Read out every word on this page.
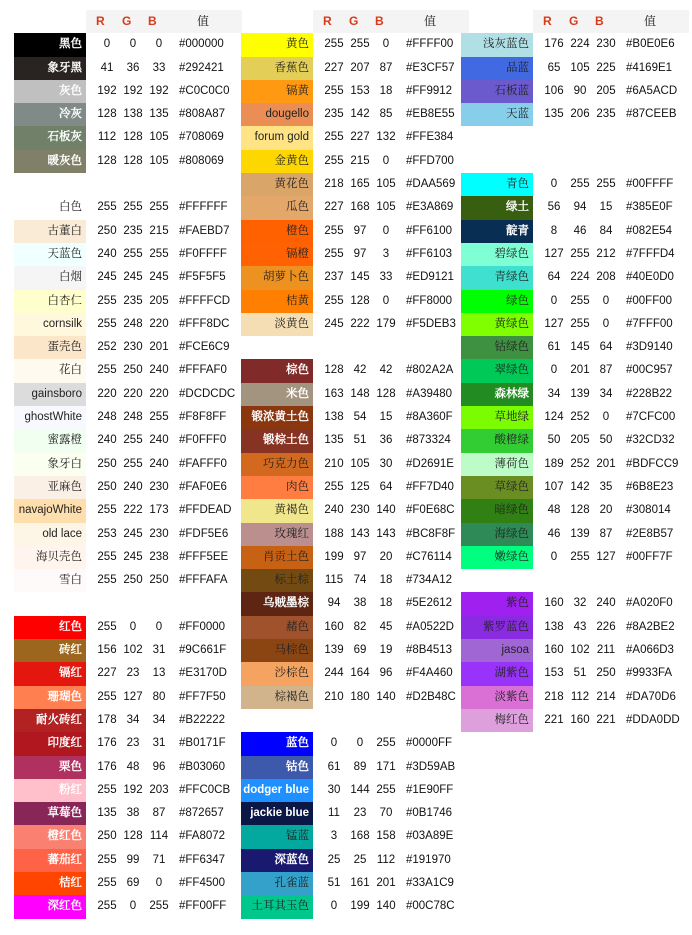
R G B	值
黑色	0	0	0	#000000
象牙黑	41	36	33	#292421
灰色	192 192 192 #C0C0C0
冷灰	128 138 135 #808A87
石板灰	112 128 105 #708069
暖灰色	128 128 105 #808069
白色	255 255 255 #FFFFFF
古董白	250 235 215 #FAEBD7
天蓝色	240 255 255 #F0FFFF
白烟	245 245 245 #F5F5F5
白杏仁	255 235 205 #FFFFCD
cornsilk	255 248 220 #FFF8DC
蛋壳色	252 230 201 #FCE6C9
花白	255 250 240 #FFFAF0
gainsboro	220 220 220 #DCDCDC
ghostWhite	248 248 255 #F8F8FF
蜜露橙	240 255 240 #F0FFF0
象牙白	250 255 240 #FAFFF0
亚麻色	250 240 230 #FAF0E6
navajoWhite	255 222 173 #FFDEAD
old lace	253 245 230 #FDF5E6
海贝壳色	255 245 238 #FFF5EE
雪白	255 250 250 #FFFAFA
红色	255	0	0	#FF0000
砖红	156 102 31	#9C661F
镉红	227 23	13	#E3170D
珊瑚色	255 127 80	#FF7F50
耐火砖红	178 34	34	#B22222
印度红	176 23	31	#B0171F
栗色	176 48	96	#B03060
粉红	255 192 203 #FFC0CB
草莓色	135 38	87	#872657
橙红色	250 128 114 #FA8072
蕃茄红	255 99	71	#FF6347
桔红	255 69	0	#FF4500
深红色	255	0	255 #FF00FF
R G B	值
黄色	255 255	0	#FFFF00
香蕉色	227 207 87	#E3CF57
镉黄	255 153 18	#FF9912
dougello	235 142 85	#EB8E55
forum gold	255 227 132 #FFE384
金黄色	255 215	0	#FFD700
黄花色	218 165 105 #DAA569
瓜色	227 168 105 #E3A869
橙色	255 97	0	#FF6100
镉橙	255 97	3	#FF6103
胡萝卜色	237 145 33	#ED9121
桔黄	255 128	0	#FF8000
淡黄色	245 222 179 #F5DEB3
棕色	128 42	42	#802A2A
米色	163 148 128 #A39480
锻浓黄土色	138 54	15	#8A360F
锻棕土色	135 51	36	#873324
巧克力色	210 105 30	#D2691E
肉色	255 125 64	#FF7D40
黄褐色	240 230 140 #F0E68C
玫瑰红	188 143 143 #BC8F8F
肖贡土色	199 97	20	#C76114
标土棕	115 74	18	#734A12
乌贼墨棕	94	38	18	#5E2612
赭色	160 82	45	#A0522D
马棕色	139 69	19	#8B4513
沙棕色	244 164 96	#F4A460
棕褐色	210 180 140 #D2B48C
蓝色	0	0	255 #0000FF
钴色	61	89 171 #3D59AB
dodger blue	30 144 255 #1E90FF
jackie blue	11	23	70	#0B1746
锰蓝	3	168 158 #03A89E
深蓝色	25	25 112 #191970
孔雀蓝	51 161 201 #33A1C9
土耳其玉色	0	199 140 #00C78C
R G B	值
浅灰蓝色	176 224 230 #B0E0E6
品蓝	65 105 225 #4169E1
石板蓝	106 90 205 #6A5ACD
天蓝	135 206 235 #87CEEB
青色	0	255 255 #00FFFF
绿土	56	94	15	#385E0F
靛青	8	46	84	#082E54
碧绿色	127 255 212 #7FFFD4
青绿色	64 224 208 #40E0D0
绿色	0	255	0	#00FF00
黄绿色	127 255	0	#7FFF00
钴绿色	61 145 64	#3D9140
翠绿色	0	201 87	#00C957
森林绿	34 139 34	#228B22
草地绿	124 252	0	#7CFC00
酸橙绿	50 205 50	#32CD32
薄荷色	189 252 201 #BDFCC9
草绿色	107 142 35	#6B8E23
暗绿色	48 128 20	#308014
海绿色	46 139 87	#2E8B57
嫩绿色	0	255 127 #00FF7F
紫色	160 32 240 #A020F0
紫罗蓝色	138 43 226 #8A2BE2
jasoa	160 102 211 #A066D3
湖紫色	153 51 250 #9933FA
淡紫色	218 112 214 #DA70D6
梅红色	221 160 221 #DDA0DD
